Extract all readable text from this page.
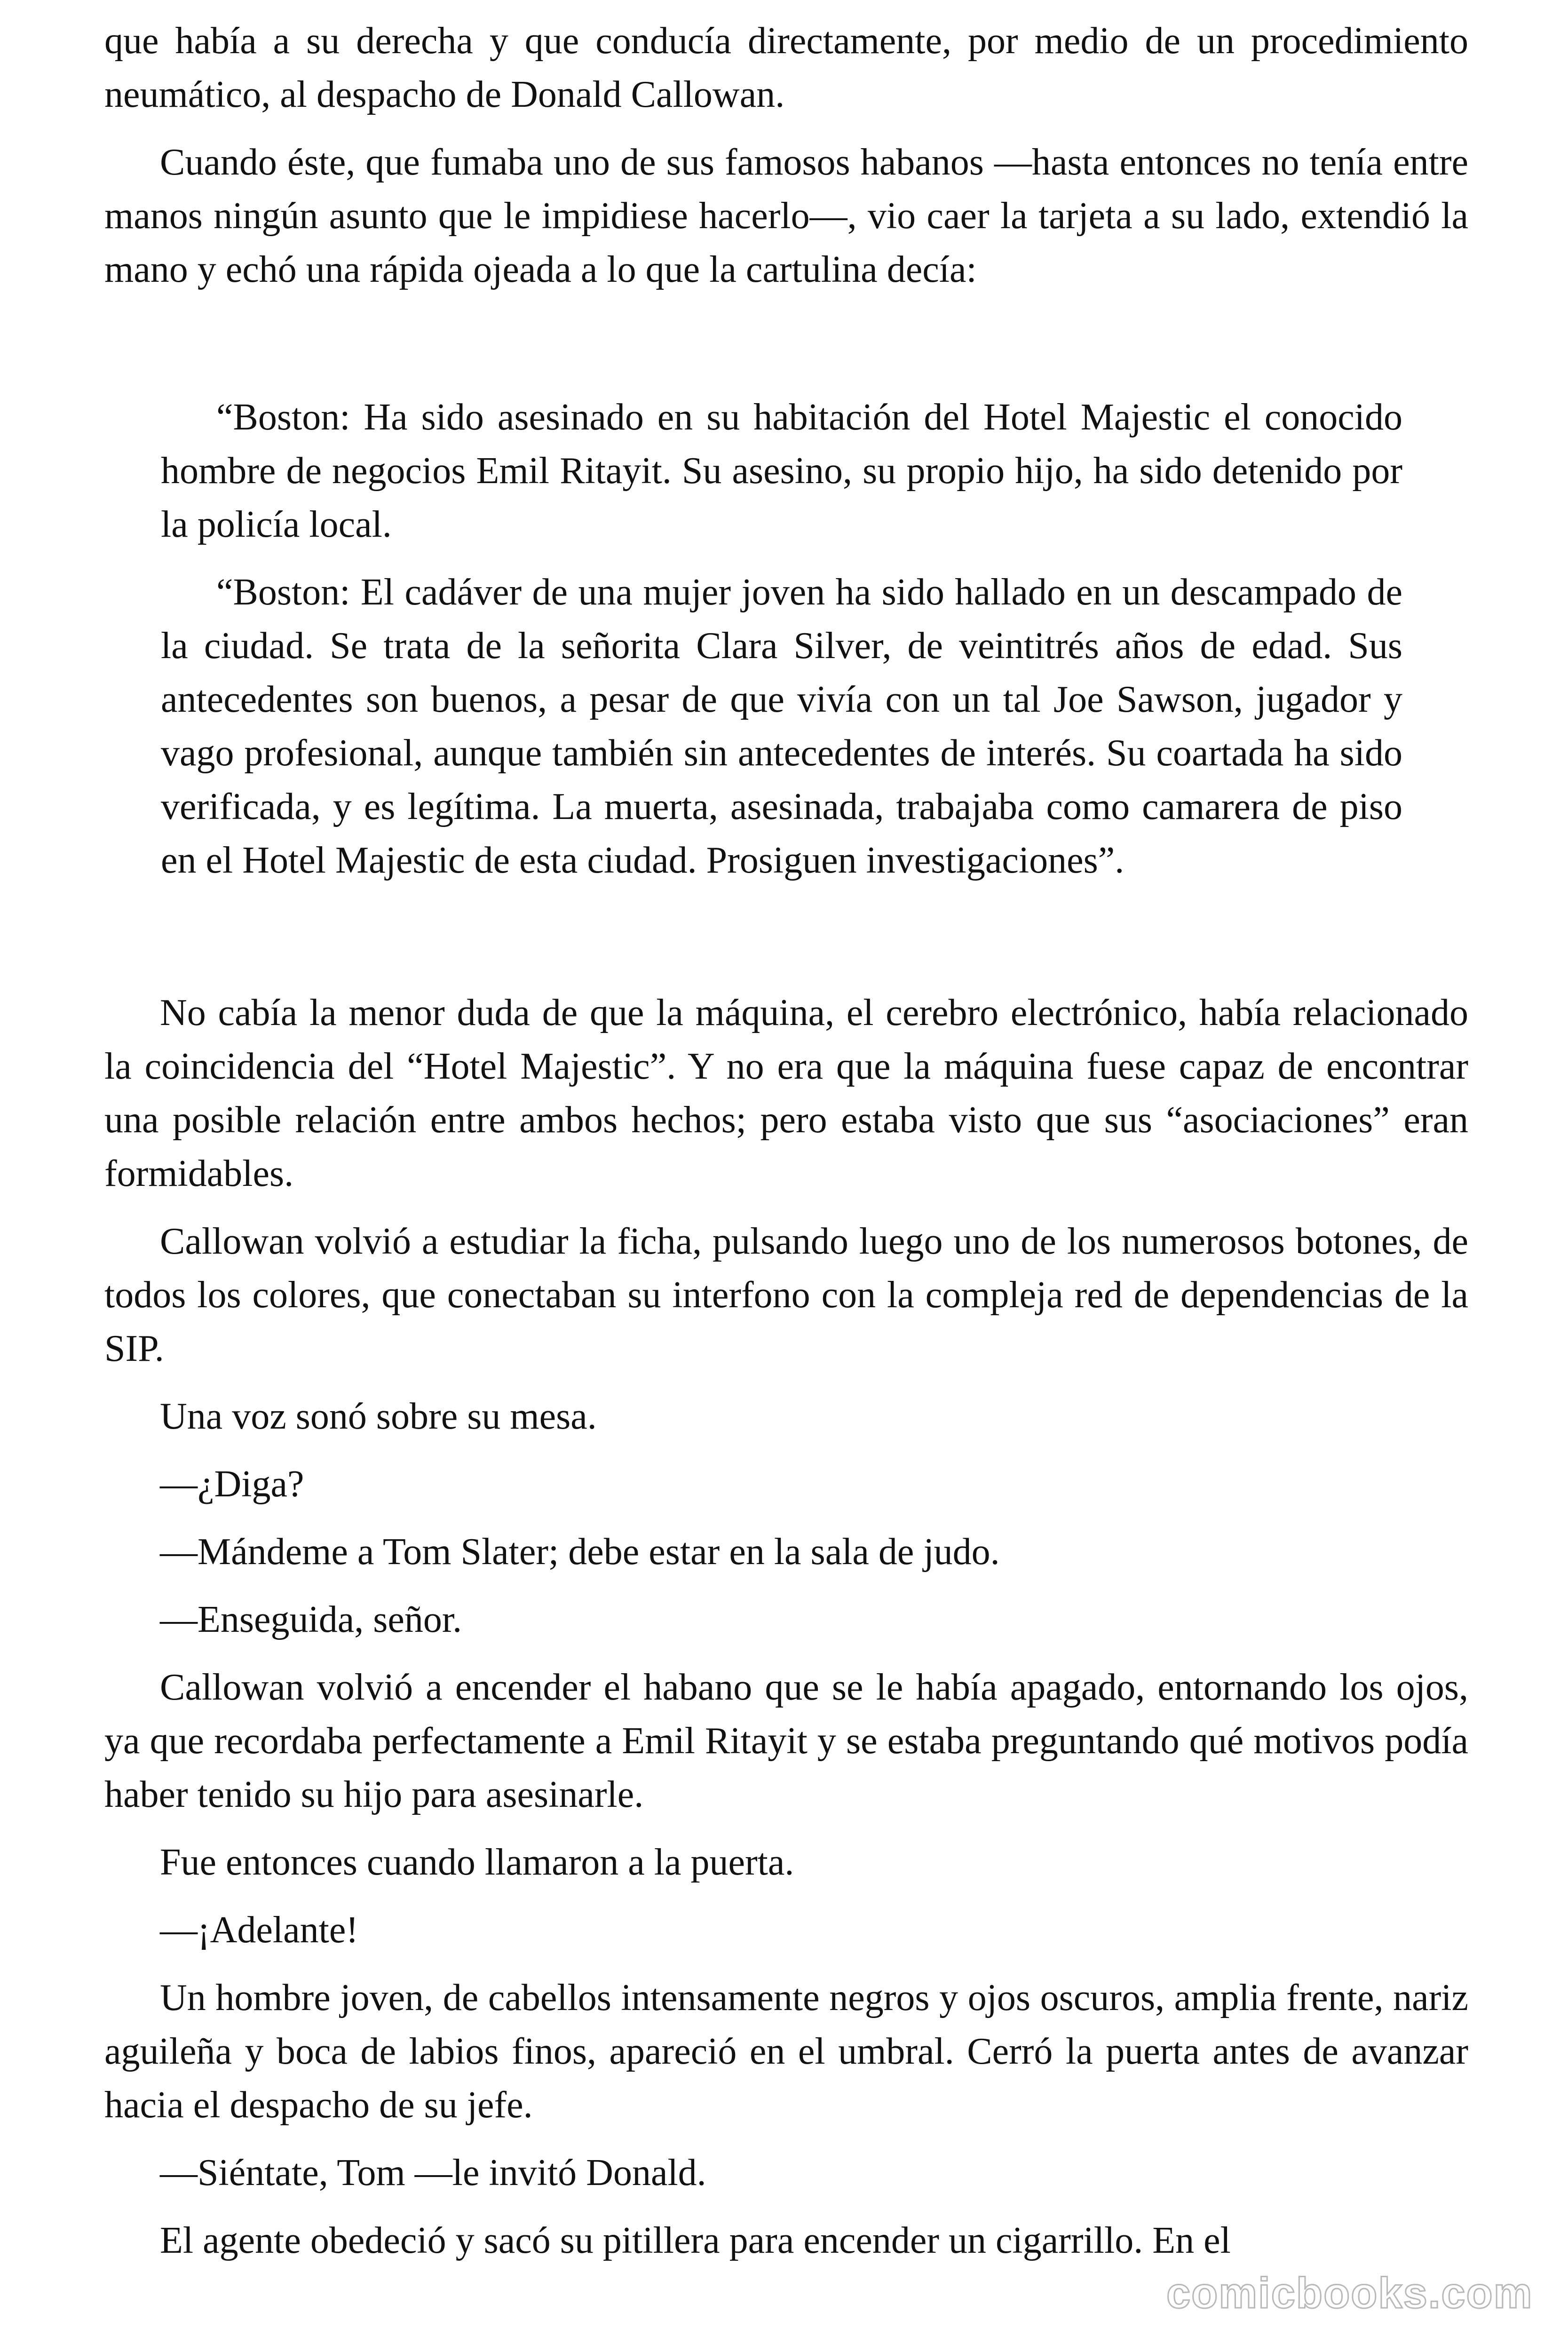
que había a su derecha y que conducía directamente, por medio de un procedimiento neumático, al despacho de Donald Callowan.

Cuando éste, que fumaba uno de sus famosos habanos —hasta entonces no tenía entre manos ningún asunto que le impidiese hacerlo—, vio caer la tarjeta a su lado, extendió la mano y echó una rápida ojeada a lo que la cartulina decía:

“Boston: Ha sido asesinado en su habitación del Hotel Majestic el conocido hombre de negocios Emil Ritayit. Su asesino, su propio hijo, ha sido detenido por la policía local.

“Boston: El cadáver de una mujer joven ha sido hallado en un descampado de la ciudad. Se trata de la señorita Clara Silver, de veintitrés años de edad. Sus antecedentes son buenos, a pesar de que vivía con un tal Joe Sawson, jugador y vago profesional, aunque también sin antecedentes de interés. Su coartada ha sido verificada, y es legítima. La muerta, asesinada, trabajaba como camarera de piso en el Hotel Majestic de esta ciudad. Prosiguen investigaciones”.

No cabía la menor duda de que la máquina, el cerebro electrónico, había relacionado la coincidencia del “Hotel Majestic”. Y no era que la máquina fuese capaz de encontrar una posible relación entre ambos hechos; pero estaba visto que sus “asociaciones” eran formidables.

Callowan volvió a estudiar la ficha, pulsando luego uno de los numerosos botones, de todos los colores, que conectaban su interfono con la compleja red de dependencias de la SIP.

Una voz sonó sobre su mesa.

—¿Diga?

—Mándeme a Tom Slater; debe estar en la sala de judo.

—Enseguida, señor.

Callowan volvió a encender el habano que se le había apagado, entornando los ojos, ya que recordaba perfectamente a Emil Ritayit y se estaba preguntando qué motivos podía haber tenido su hijo para asesinarle.

Fue entonces cuando llamaron a la puerta.

—¡Adelante!

Un hombre joven, de cabellos intensamente negros y ojos oscuros, amplia frente, nariz aguileña y boca de labios finos, apareció en el umbral. Cerró la puerta antes de avanzar hacia el despacho de su jefe.

—Siéntate, Tom —le invitó Donald.

El agente obedeció y sacó su pitillera para encender un cigarrillo. En el

comicbooks.com
